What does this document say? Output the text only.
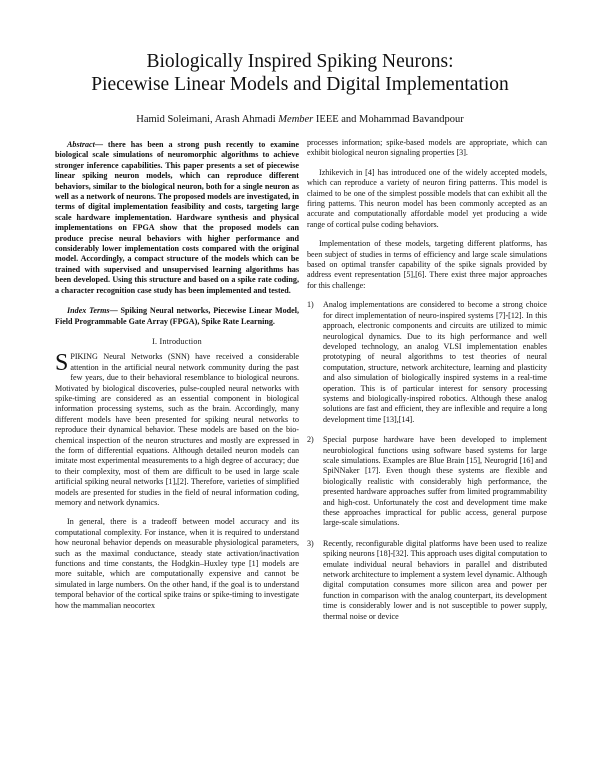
Biologically Inspired Spiking Neurons:
Piecewise Linear Models and Digital Implementation
Hamid Soleimani, Arash Ahmadi Member IEEE and Mohammad Bavandpour

Abstract— there has been a strong push recently to examine biological scale simulations of neuromorphic algorithms to achieve stronger inference capabilities. This paper presents a set of piecewise linear spiking neuron models, which can reproduce different behaviors, similar to the biological neuron, both for a single neuron as well as a network of neurons. The proposed models are investigated, in terms of digital implementation feasibility and costs, targeting large scale hardware implementation. Hardware synthesis and physical implementations on FPGA show that the proposed models can produce precise neural behaviors with higher performance and considerably lower implementation costs compared with the original model. Accordingly, a compact structure of the models which can be trained with supervised and unsupervised learning algorithms has been developed. Using this structure and based on a spike rate coding, a character recognition case study has been implemented and tested.

Index Terms— Spiking Neural networks, Piecewise Linear Model, Field Programmable Gate Array (FPGA), Spike Rate Learning.

I. Introduction

SPIKING Neural Networks (SNN) have received a considerable attention in the artificial neural network community during the past few years, due to their behavioral resemblance to biological neurons. Motivated by biological discoveries, pulse-coupled neural networks with spike-timing are considered as an essential component in biological information processing systems, such as the brain. Accordingly, many different models have been presented for spiking neural networks to reproduce their dynamical behavior. These models are based on the bio-chemical inspection of the neuron structures and mostly are expressed in the form of differential equations. Although detailed neuron models can imitate most experimental measurements to a high degree of accuracy; due to their complexity, most of them are difficult to be used in large scale artificial spiking neural networks [1],[2]. Therefore, varieties of simplified models are presented for studies in the field of neural information coding, memory and network dynamics.

In general, there is a tradeoff between model accuracy and its computational complexity. For instance, when it is required to understand how neuronal behavior depends on measurable physiological parameters, such as the maximal conductance, steady state activation/inactivation functions and time constants, the Hodgkin–Huxley type [1] models are more suitable, which are computationally expensive and cannot be simulated in large numbers. On the other hand, if the goal is to understand temporal behavior of the cortical spike trains or spike-timing to investigate how the mammalian neocortex

processes information; spike-based models are appropriate, which can exhibit biological neuron signaling properties [3].

Izhikevich in [4] has introduced one of the widely accepted models, which can reproduce a variety of neuron firing patterns. This model is claimed to be one of the simplest possible models that can exhibit all the firing patterns. This neuron model has been commonly accepted as an accurate and computationally affordable model yet producing a wide range of cortical pulse coding behaviors.

Implementation of these models, targeting different platforms, has been subject of studies in terms of efficiency and large scale simulations based on optimal transfer capability of the spike signals provided by address event representation [5],[6]. There exist three major approaches for this challenge:

1) Analog implementations are considered to become a strong choice for direct implementation of neuro-inspired systems [7]-[12]. In this approach, electronic components and circuits are utilized to mimic neurological dynamics. Due to its high performance and well developed technology, an analog VLSI implementation enables prototyping of neural algorithms to test theories of neural computation, structure, network architecture, learning and plasticity and also simulation of biologically inspired systems in a real-time operation. This is of particular interest for sensory processing systems and biologically-inspired robotics. Although these analog solutions are fast and efficient, they are inflexible and require a long development time [13],[14].
2) Special purpose hardware have been developed to implement neurobiological functions using software based systems for large scale simulations. Examples are Blue Brain [15], Neurogrid [16] and SpiNNaker [17]. Even though these systems are flexible and biologically realistic with considerably high performance, the presented hardware approaches suffer from limited programmability and high-cost. Unfortunately the cost and development time make these approaches impractical for public access, general purpose large-scale simulations.
3) Recently, reconfigurable digital platforms have been used to realize spiking neurons [18]-[32]. This approach uses digital computation to emulate individual neural behaviors in parallel and distributed network architecture to implement a system level dynamic. Although digital computation consumes more silicon area and power per function in comparison with the analog counterpart, its development time is considerably lower and is not susceptible to power supply, thermal noise or device
